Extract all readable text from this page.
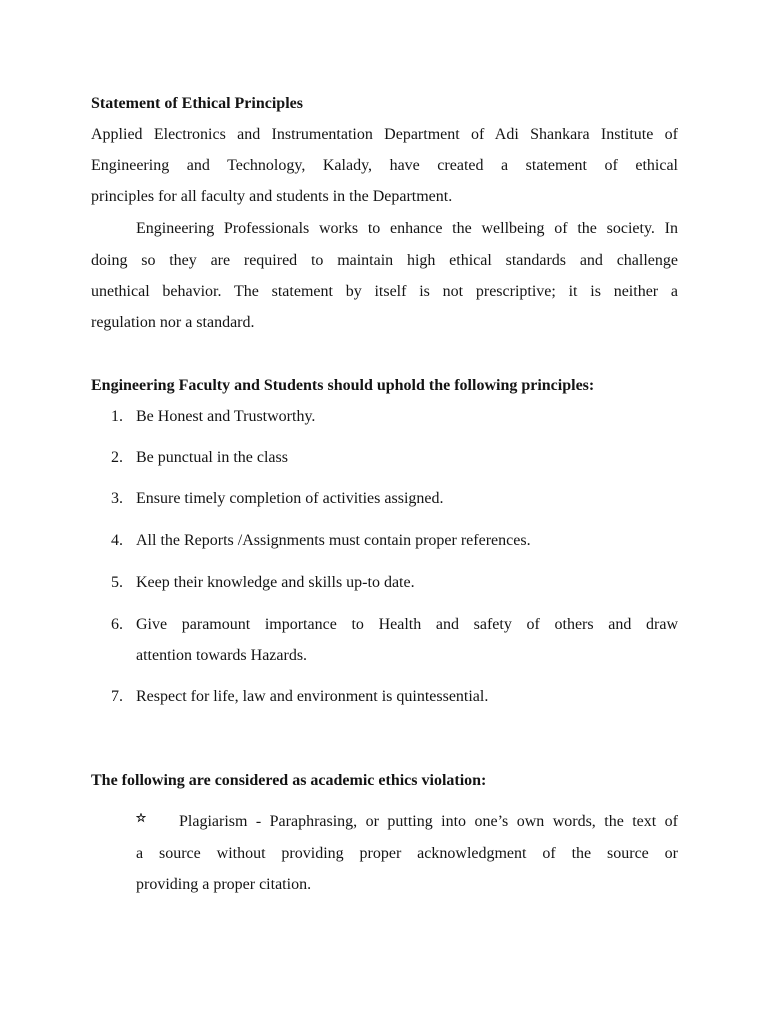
Statement of Ethical Principles
Applied Electronics and Instrumentation Department of Adi Shankara Institute of
Engineering and Technology, Kalady, have created a statement of ethical
principles for all faculty and students in the Department.
Engineering Professionals works to enhance the wellbeing of the society. In
doing so they are required to maintain high ethical standards and challenge
unethical behavior. The statement by itself is not prescriptive; it is neither a
regulation nor a standard.
Engineering Faculty and Students should uphold the following principles:
1. Be Honest and Trustworthy.
2. Be punctual in the class
3. Ensure timely completion of activities assigned.
4. All the Reports /Assignments must contain proper references.
5. Keep their knowledge and skills up-to date.
6. Give paramount importance to Health and safety of others and draw
attention towards Hazards.
7. Respect for life, law and environment is quintessential.
The following are considered as academic ethics violation:
Plagiarism - Paraphrasing, or putting into one’s own words, the text of
a source without providing proper acknowledgment of the source or
providing a proper citation.
